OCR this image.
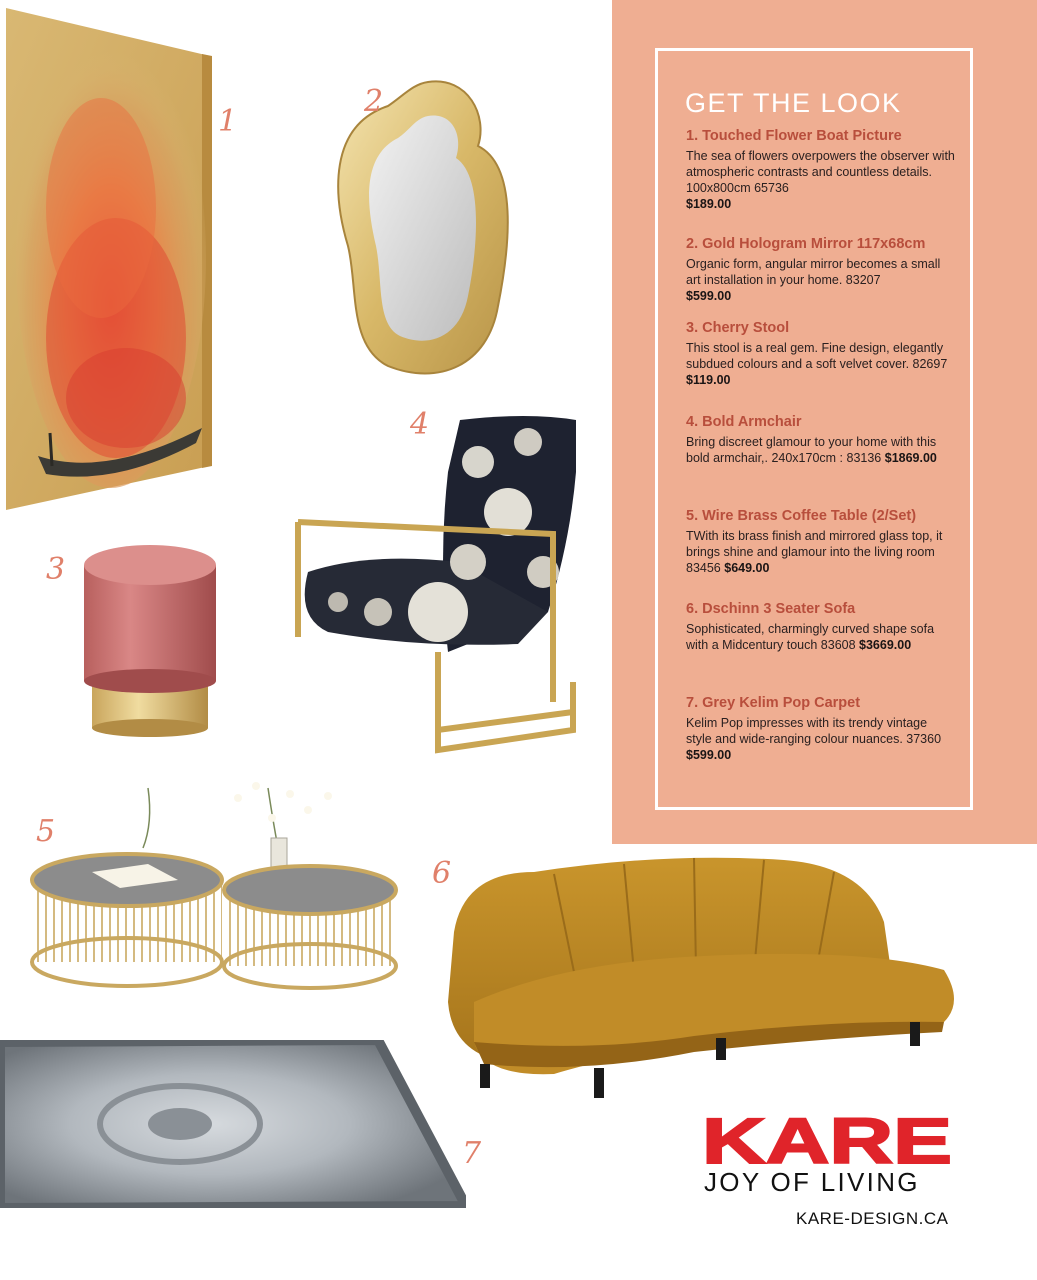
1
2
3
4
5
6
7
GET THE LOOK
1. Touched Flower Boat Picture
The sea of flowers overpowers the observer with atmospheric contrasts and countless details. 100x800cm 65736
$189.00
2. Gold Hologram Mirror 117x68cm
Organic form, angular mirror becomes a small art installation in your home. 83207
$599.00
3. Cherry Stool
This stool is a real gem. Fine design, elegantly subdued colours and a soft velvet cover. 82697 $119.00
4. Bold Armchair
Bring discreet glamour to your home with this bold armchair,. 240x170cm : 83136 $1869.00
5. Wire Brass Coffee Table (2/Set)
TWith its brass finish and mirrored glass top, it brings shine and glamour into the living room 83456 $649.00
6. Dschinn 3 Seater Sofa
Sophisticated, charmingly curved shape sofa with a Midcentury touch 83608 $3669.00
7. Grey Kelim Pop Carpet
Kelim Pop impresses with its trendy vintage style and wide-ranging colour nuances. 37360 $599.00
KARE
JOY OF LIVING
KARE-DESIGN.CA
